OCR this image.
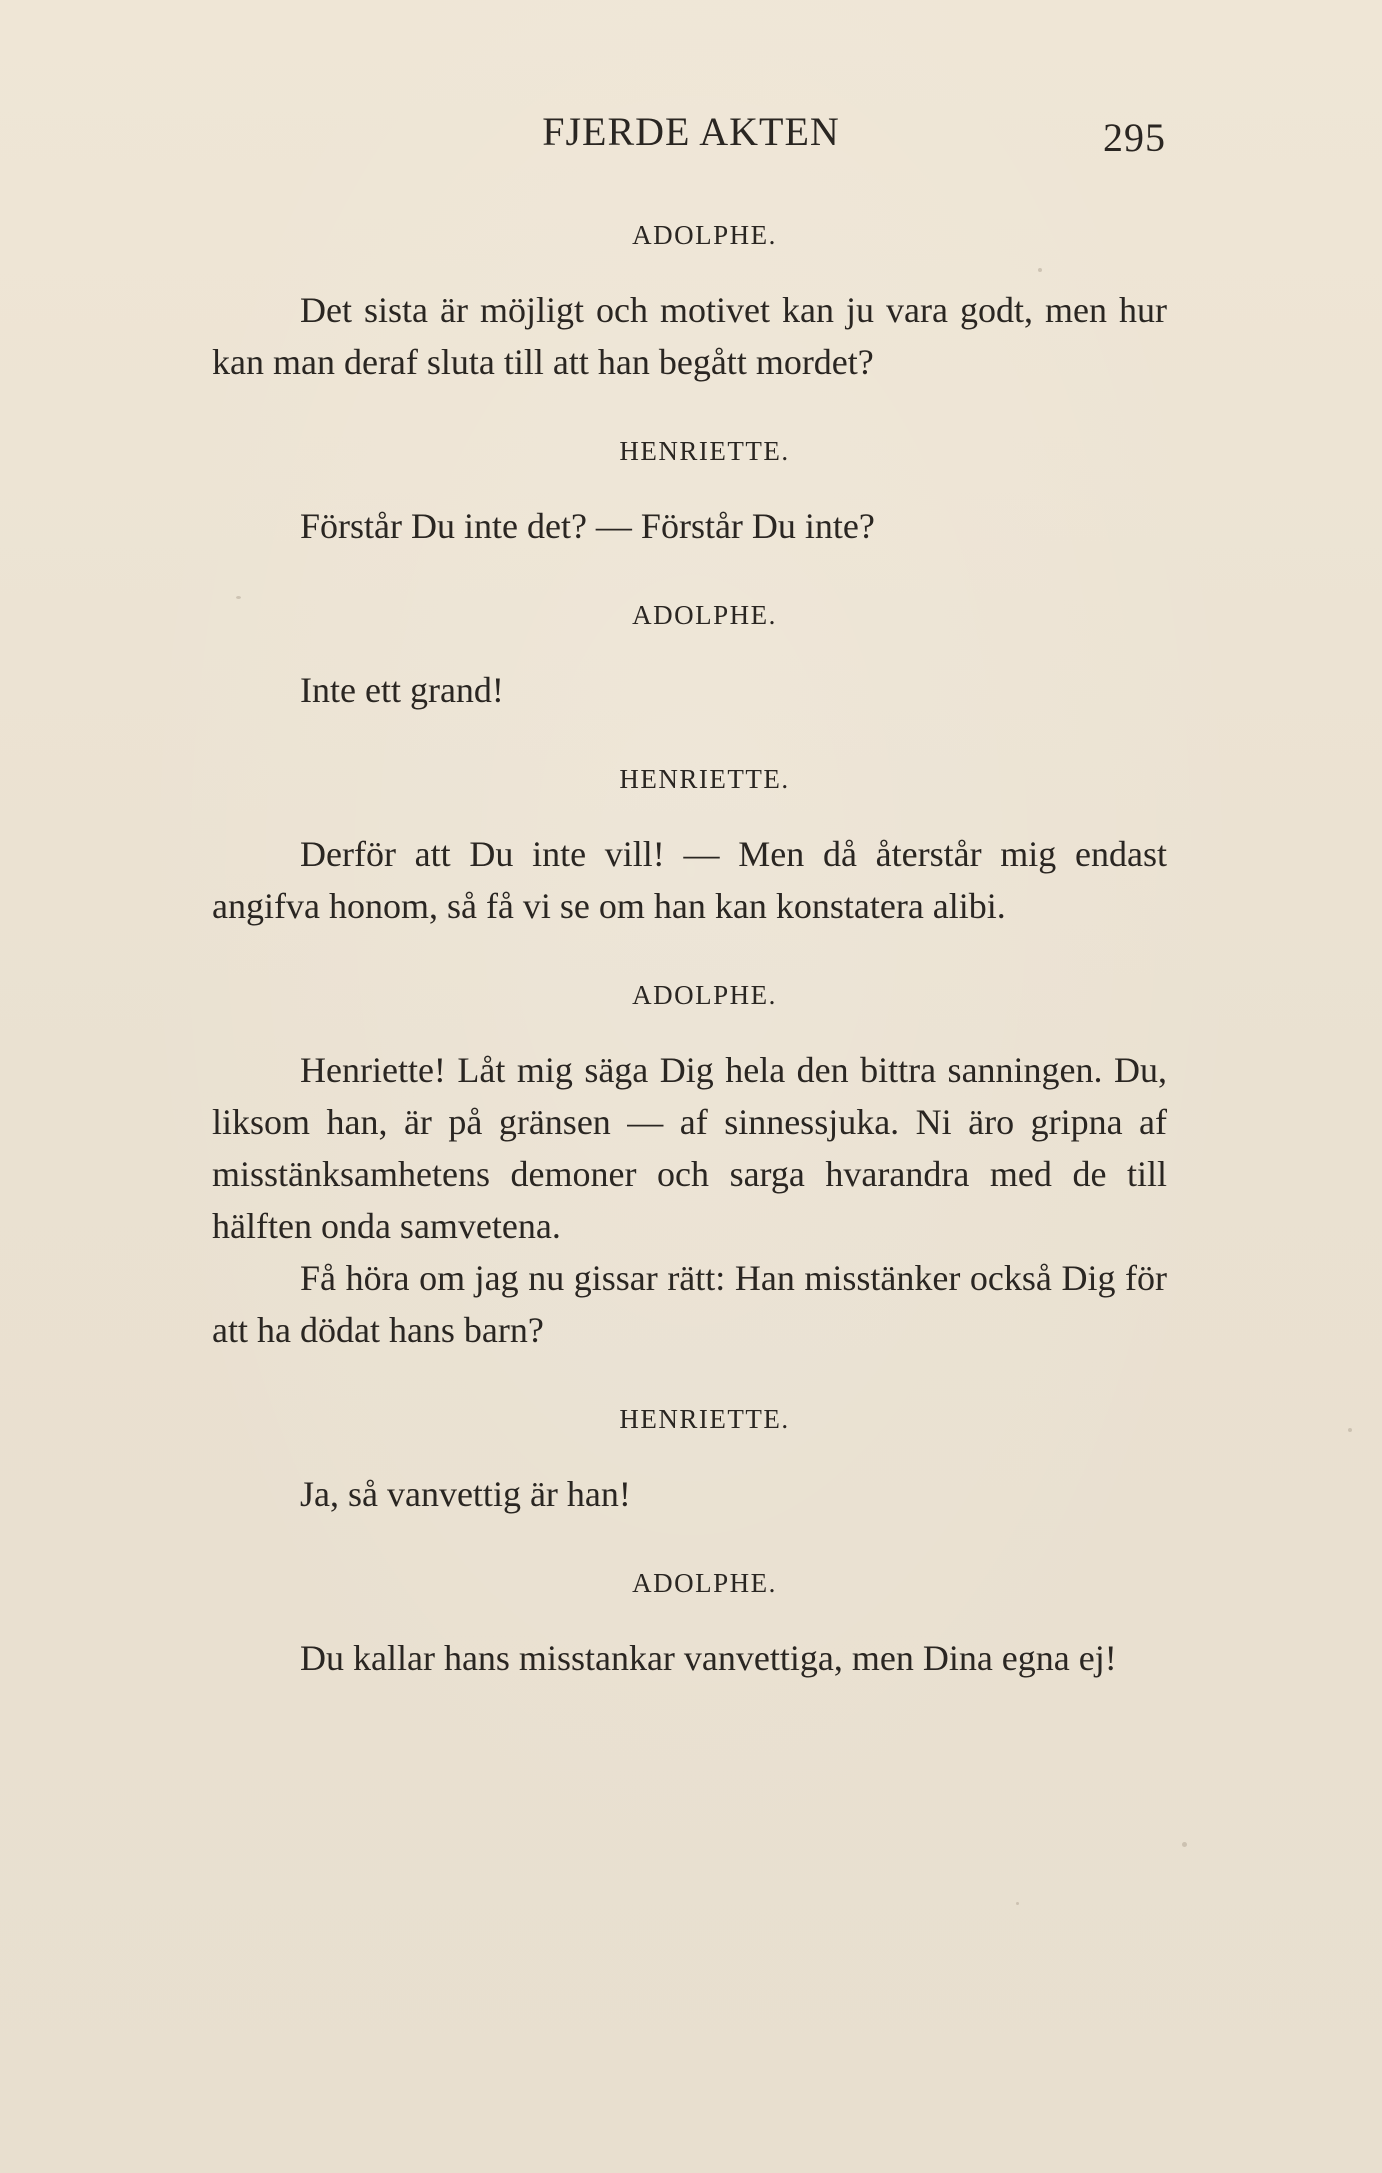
FJERDE AKTEN	295

ADOLPHE.

Det sista är möjligt och motivet kan ju vara godt, men hur kan man deraf sluta till att han begått mordet?

HENRIETTE.

Förstår Du inte det? — Förstår Du inte?

ADOLPHE.

Inte ett grand!

HENRIETTE.

Derför att Du inte vill! — Men då återstår mig endast angifva honom, så få vi se om han kan konstatera alibi.

ADOLPHE.

Henriette! Låt mig säga Dig hela den bittra sanningen. Du, liksom han, är på gränsen — af sinnessjuka. Ni äro gripna af misstänksamhetens demoner och sarga hvarandra med de till hälften onda samvetena.

Få höra om jag nu gissar rätt: Han misstänker också Dig för att ha dödat hans barn?

HENRIETTE.

Ja, så vanvettig är han!

ADOLPHE.

Du kallar hans misstankar vanvettiga, men Dina egna ej!
